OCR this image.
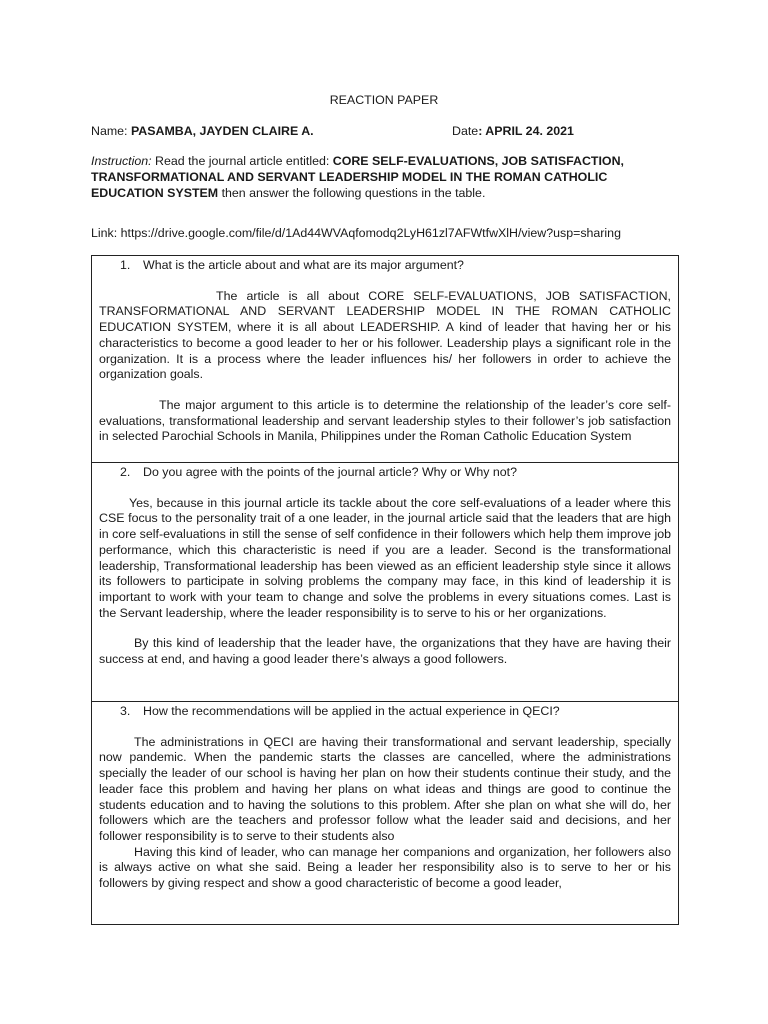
REACTION PAPER
Name: PASAMBA, JAYDEN CLAIRE A.	Date: APRIL 24. 2021
Instruction: Read the journal article entitled: CORE SELF-EVALUATIONS, JOB SATISFACTION, TRANSFORMATIONAL AND SERVANT LEADERSHIP MODEL IN THE ROMAN CATHOLIC EDUCATION SYSTEM then answer the following questions in the table.
Link: https://drive.google.com/file/d/1Ad44WVAqfomodq2LyH61zl7AFWtfwXlH/view?usp=sharing
1. What is the article about and what are its major argument?

The article is all about CORE SELF-EVALUATIONS, JOB SATISFACTION, TRANSFORMATIONAL AND SERVANT LEADERSHIP MODEL IN THE ROMAN CATHOLIC EDUCATION SYSTEM, where it is all about LEADERSHIP. A kind of leader that having her or his characteristics to become a good leader to her or his follower. Leadership plays a significant role in the organization. It is a process where the leader influences his/ her followers in order to achieve the organization goals.

The major argument to this article is to determine the relationship of the leader’s core self-evaluations, transformational leadership and servant leadership styles to their follower’s job satisfaction in selected Parochial Schools in Manila, Philippines under the Roman Catholic Education System

2. Do you agree with the points of the journal article? Why or Why not?

Yes, because in this journal article its tackle about the core self-evaluations of a leader where this CSE focus to the personality trait of a one leader, in the journal article said that the leaders that are high in core self-evaluations in still the sense of self confidence in their followers which help them improve job performance, which this characteristic is need if you are a leader. Second is the transformational leadership, Transformational leadership has been viewed as an efficient leadership style since it allows its followers to participate in solving problems the company may face, in this kind of leadership it is important to work with your team to change and solve the problems in every situations comes. Last is the Servant leadership, where the leader responsibility is to serve to his or her organizations.

By this kind of leadership that the leader have, the organizations that they have are having their success at end, and having a good leader there’s always a good followers.

3. How the recommendations will be applied in the actual experience in QECI?

The administrations in QECI are having their transformational and servant leadership, specially now pandemic. When the pandemic starts the classes are cancelled, where the administrations specially the leader of our school is having her plan on how their students continue their study, and the leader face this problem and having her plans on what ideas and things are good to continue the students education and to having the solutions to this problem. After she plan on what she will do, her followers which are the teachers and professor follow what the leader said and decisions, and her follower responsibility is to serve to their students also

Having this kind of leader, who can manage her companions and organization, her followers also is always active on what she said. Being a leader her responsibility also is to serve to her or his followers by giving respect and show a good characteristic of become a good leader,
